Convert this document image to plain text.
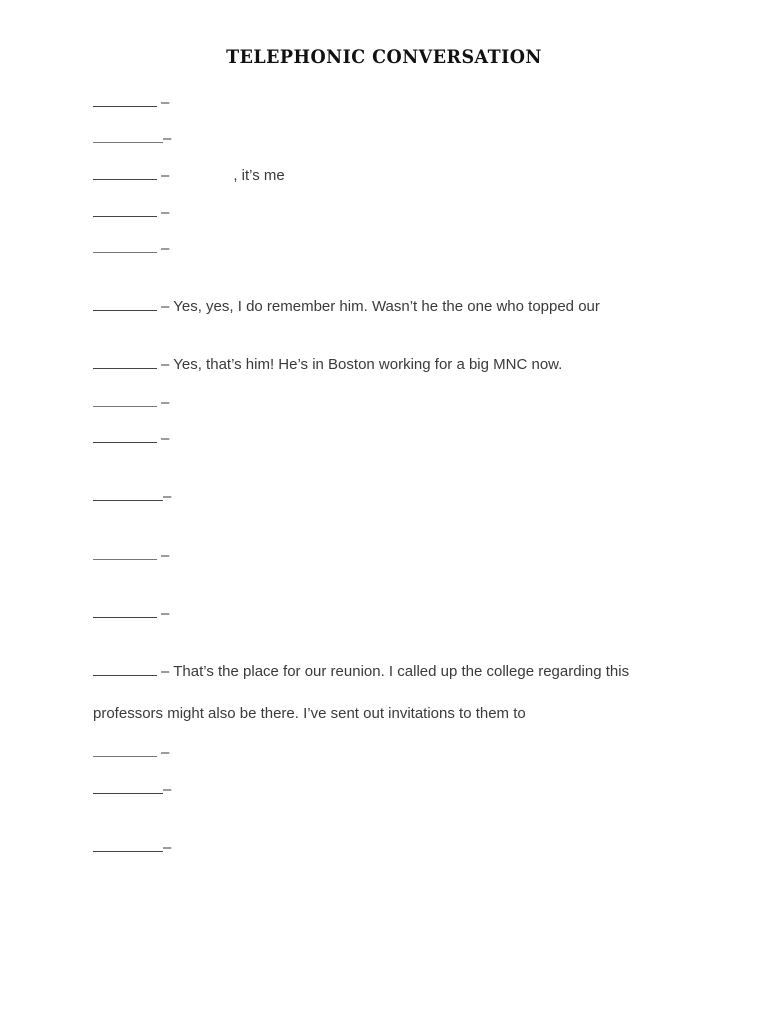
TELEPHONIC CONVERSATION
–
–
–	, it’s me
–
–
– Yes, yes, I do remember him. Wasn’t he the one who topped our
– Yes, that’s him! He’s in Boston working for a big MNC now.
–
–
–
–
–
– That’s the place for our reunion. I called up the college regarding this
professors might also be there. I’ve sent out invitations to them to
–
–
–
